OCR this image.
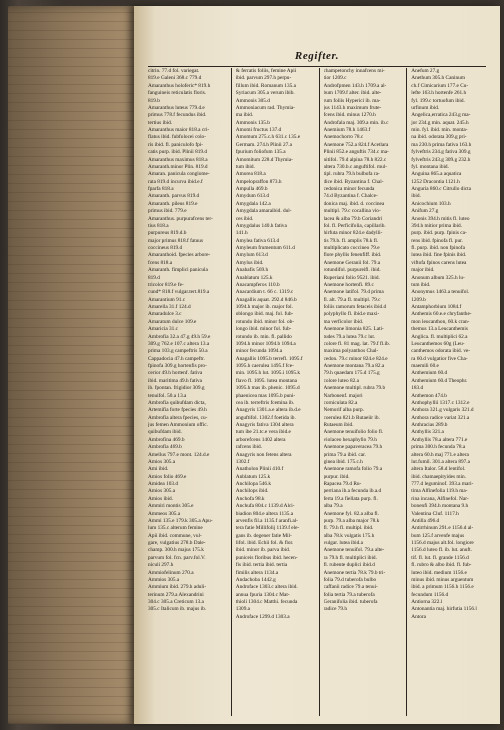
Regifter.
citrin. 77.d fol. variegat.
819.e Galeni 368.c 779.d
Amaranthus holoferic* 819.h
fanguineis reticulatis floris.
819.b
Amaranthus luteus 779.d.e
primus 778.f fecundus ibid.
tertius ibid.
Amaranthus maior 818.a cri-
flatus ibid. fubfolocei colo-
ris ibid. fl. paniculofo fpi-
catis purp. ibid. Plinii 819.d
Amaranthus maximus 818.a
Amaranth.minor Plin. 819.d
Amaran. panicula conglome-
rata 819.d incurva ibid.e.f
fparfa 818.a
Amaranth. parvus 819.d
Amaranth. pileus 819.e
primus ibid. 779.e
Amaranthus. purpurafcens ter-
tius 818.a
purpureus 819.d.b
major primus 818.f fatuus
coccineus 819.d
Amaranthoid. fpecies arbore-
fcens 818.a
Amaranth. fimplici panicula
819.d
tricolor 819.e fe-
cund* 818.f vulgar.tert.819.a
Amarantium 91.c
Amarella 31.f 124.d
Amaradulce 3.c
Amaratum dulce 109.e
Amaricia 31.c
Ambrofia 32.a 47.g 49.h 59.e
309.g 762.e 107.c altera 13.a
prima 103.g campeftris 50.a
Cappadocia 47.h campeftr.
fpinofa 309.g hortenfis pro-
cerior 49.h hortenf. fativa
ibid. maritima 49.h fativa
ib. fpontan. frigidior 309.g
tenuifol. 50.a 13.a
Ambrofia quibufdam dicta,
Artemifia forte fpecies 49.h
Ambrofia altera fpecies, cu-
jus femen Ammonium offic.
quibufdam ibid.
Ambrofina 469.b
Ambrofia 469.b
Amellus 797.e mont. 124.d.e
Amios 305.a
Ami ibid.
Amios folio 469.e
Amidea 103.d
Amios 305.a
Amios ibid.
Ammiri montis 305.e
Ammeos 305.a
Ammi 135.e 179.k 305.a Apu-
lum 135.c alterum femine
Apii ibid. commune, vul-
gare, vulgatius 278.b Dale-
champ. 300.h majus 175.k
parvum fol. fcn. parv.fol.V.
niculi 297.h
Ammiofelinum 270.a
Ammios 305.a
Ammium ibid. 279.h aduli-
terinum 279.a Alexandrini
304.c 305.a Creticum 13.a
305.c Italicum ib. majus ib.
& ferratis foliis, femine Apii
ibid. parvum 297.h perpu-
fillum ibid. Romanum 135.a
Syriacum 305.a verum ibib.
Ammonis 305.d
Ammoniacum rad. Thymia-
ma ibid.
Ammonis 135.b
Amomi fructus 137.d
Amomum 275.c.h 631.c 135.e
Germam. 274.h Plinii 27.a
fpurium foliofum 135.a
Amomitum 228.d Thymia-
tum ibid.
Amorea 818.a
Ampelopraffon 873.h
Ampulla 469.b
Amydum 613.d
Amygdala 142.a
Amygdala amaraibid. dul-
ces ibid.
Amygdalus 140.h fativa
141.h
Amylea fativa 613.d
Amyleum frumentum 611.d
Amylum 613.d
Amylus ibid.
Anabafis 569.h
Anablatum 125.k
Anacampferos 110.b
Anacardium t. 66 c. 1319.c
Anagallis aquat. 292.d 846.b
1094.h major ib. major fol.
oblongo ibid. maj. fol. fub-
rotundo ibid. minor fol. ob-
longo ibid. minor fol. fub-
rotundo ib. min. fl. pallido
1094.h minor 1094.b 1094.a
minor fecunda 1094.a
Anagallis 1095.b terrefl. 1095.f
1095.h caerulea 1495.f fce-
min. 1095.h lut. 1095.i 1095.k
flavo fl. 1095. lutea montana
1095.h mas ib. phenic. 1095.d
phaenicea mas 1095.b puni-
cea ib. terreftris fcemina ib.
Anagyris 1301.a.e altera ib.d.e
anguftifol. 1302.f foetida ib.
Anagyris fativa 1304 altera
tum ibe 21.tc.e vera ibid.e
arborefcens 1402 altera
rafcens ibid.
Anagyris non fetens altera
1302.f
Anatholon Plinii 410.f
Anblatum 125.k
Anchilopa 546.k
Anchilops ibid.
Anchofa 98.k
Anchufa 804.c 1139.d Alci-
biadion 804.e altera 1135.a
arvenfis fil.a 1135.f aranfi.al-
tera fatie Millifolij 1139.f ele-
gans ib. degener fatie Mil-
lifol. ibid. Echii fol. & flor.
ibid. minor ib. parva ibid.
puniceis floribus ibid. hecen-
fis ibid. tertia ibid. tertia
fimilis altera 1134.a
Andachoba 1442.g
Androface 1303.c altera ibid.
annua fpuria 1304.c Mat-
thioli 1304.c Matthi. fecunda
1309.a
Androface 1299.d 1303.a
champetonchy innafcens mi-
tior 1209.c
Androfpmen 143.h 1709.a al-
bum 1709.f alter. ibid. alte-
rum foliis Hyperici ib. ma-
jus 1143.h maximum frute-
fcens ibid. minus 1270.h
Androfala maj. 309.a min. ib.c
Anemium 78.h 1463.f
Anemochorro 78.c
Anemone 752.a 824.f Acetlara
Plinii 852.e anguftis 734.c ma-
nitifol. 79.d alpina 78.h 822.c
altera 730.b.c anguftifol. mul-
tipl. rubra 79.h bulbofa ra-
dice ibid. Byzantina f. Chal-
cedonica minor fecunda
74.d Byzantina f. Chalce-
donica maj. ibid. d. coccinea
multipl. 79.c cocallina vio-
lacea & alba 79.b Coriandri
fol. fl. Perficifolia, capillarib.
hirfuta minor 824.e dadylli-
tis 79.b. fl. amplis 78.k fl.
multiplicato coccineo 79.e
flore phyllis fenenfiff. ibid.
Anemone Geranii fol. 79.a
rotundifol. purpureifl. ibid.
Ruperiani folio 9521. ibid.
Anemone hortenfi. 89.c
Anemone latifol. 79.d prima
fl. alt. 79.a fl. multipl. 79.c
foliis ramorum fetaceis ibid.d
polyphyllo fl. ibid.e maxi-
ma verficolor ibid.
Anemone limonia 825. Lati-
tudes 79.a lutea 79.c lut.
colore fl. 81 mag. lat. 79.f fl.ib.
maxima polyanthos Chal-
cedon. 79.c minor 824.e 824.e
Anemone montana 79.a 82.a
79.h quaedam 175.d 175.g
colore luteo 82.a
Anemone multipl. rubra 79.b
Narbonenf. majori
corniculata 82.a
Nemorif alba purp.
coerulea 821.b Rutaeiir ib.
Rutaeum ibid.
Anemone tenuifolio folio fl.
violaceo hexaphyllo 79.h
Anemone papaveracea 79.h
prima 79.a ibid. car.
ginea ibid. 175.c.h
Anemone ramofa folio 79.a
purpur. ibid.
Rapacea 79.d Ru-
perriana ib.a fecunda ib.a.d
ferta 19.a fiellata purp. fl.
alba 79.a
Anemone fyl. 82.a alba fl.
purp. 79.a alba major 78.k
fl. 79.h fl. multipl. ibid.
alba 78.k vulgatis 175.h
vulgar. lutea ibid.a
Anemone tenuifol. 79.a alte-
ra 79.h fl. multiplici ibid.
fl. rubente duplici ibid.d
Anemone tertia 78.k 79.b tri-
folia 79.d tuberofa bulbo
caffanii radice 79.a tenui-
folia tertia 79.a tuberofa
Geranifolia ibid. tuberofa
radice 79.h
Anefum 27.g
Anethum 305.h Caninum
ch.f Cimicarium 177.e Cu-
lefte 163.h hortenfe 261.h
fyl. 199.c tortuofum ibid.
urfinum ibid.
Angelica,erratica 243.g ma-
jor 234.g min. aquat. 245.h
min. fyl. ibid. min. monta-
na ibid. odorata 309.g pri-
ma 230.h prima fativa 163.h
fylveftris 234.g fativa 309.g
fylveftris 243.g 309.g 232.h
fyl. montana ibid.
Anguina 865.a aquatica
1252 Dracontia 1121.h
Anguria 860.c Citrullo dicta
ibid.
Anicochium 103.h
Anifum 27.g
Anonis 394.h mitis fl. luteo
394.h mitior prima ibid.
purp. ibid. purp. fpinis ca-
rens ibid. fpinofa fl. pur.
fl. purp. ibid. non fpinofa
lutea ibid. fine fpinis ibid.
viftofa fpinos carens lutea
major ibid.
Anonum album 325.h lu-
tum ibid.
Anonymus 1463.a tenuifol.
1209.b
Antamphorbium 1084.f
Anthemis 60.e.e chryfanthe-
mon leucanthon, 60.k cran-
themus 13.a Leucanthemis
Anglica. fl. multiplici 62.a
Leucanthemos 60g (Leu-
canthemos odorata ibid. ve-
ra 60.d vulgatior five Cha-
maemili 60.e
Anthemium 60.d
Anthemium 60.d Theophr.
183.d
Anthemon 474.b
Anthophyllii 1317.c 1312.e
Anthora 321.g vulgaris 321.d
Anthora radice variat 321.a
Anthracias 289.b
Anthyllis 321.a
Anthyllis 78.a altera 771.e
prima 300.h fecunda 78.a
altera 60.h maj 771.e altera
lut.fumil. 301.a altera 897.a
altera Italor. 58.d lentifol.
ibid. chamaepityides min.
777.d leguminof. 393.a mari-
tima Alfinefolia 119.h ma-
rina incana, Alfinefol. Nar-
bonenfi 394.h montana 9.h
Valentina Cluf. 1117.h
Antilla 496.d
Antirrhinum 291.e 1156.d al-
bum 125.f arvenfe majus
1156.d majus alt.fol. longiore
1156.d luteo fl. ib. lut. anuft.
tif. fl. lut. fl. grande 1156.d
fl. rubro & albo ibid. fl. fub-
luteo ibid. medium 1156.e
minus ibid. minus arguentum
ibid. a primum 1156.h 1156.e
fecundum 1156.d
Antiorna 322.l
Antonantia maj. hirfutia 1156.l
Antora
